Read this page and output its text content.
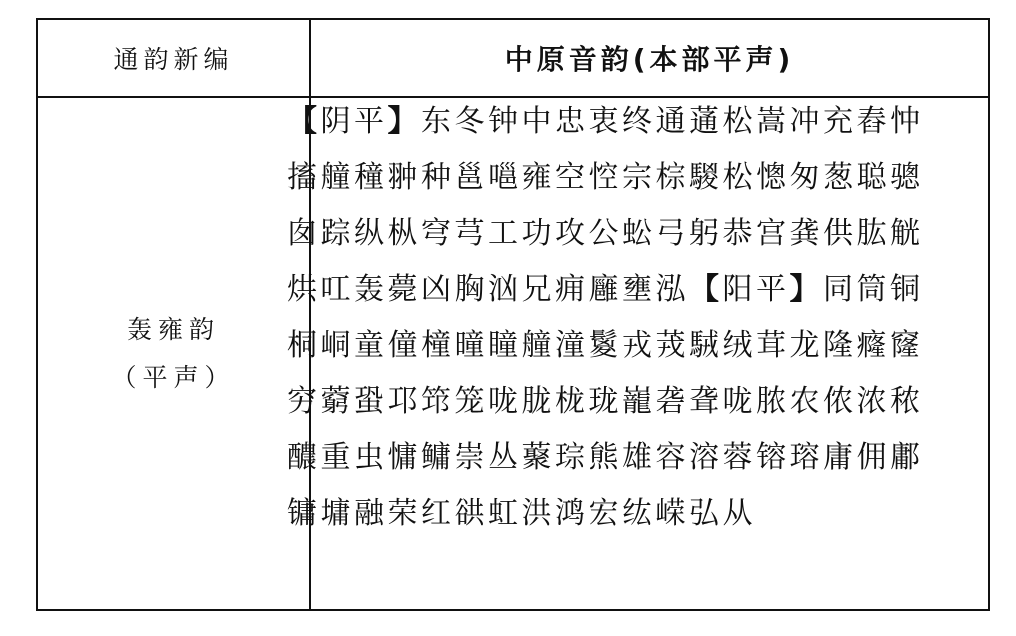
通韵新编	中原音韵(本部平声)
轰雍韵
（平声）
【阴平】东冬钟中忠衷终通蓪松嵩冲充舂忡搐艟穜翀种邕嗈雍空悾宗棕騣松憁匆葱聪骢囱踪纵枞穹芎工功攻公蚣弓躬恭宫龚供肱觥烘叿轰薨凶胸汹兄痈廱壅泓【阳平】同筒铜桐峒童僮橦曈瞳艟潼鬉戎茙駥绒茸龙隆癃窿穷藭蛩邛筇笼咙胧栊珑巃砻聋咙脓农侬浓秾醲重虫慵鳙崇丛藂琮熊雄容溶蓉镕瑢庸佣鄘镛墉融荣红谼虹洪鸿宏纮嵘弘从
